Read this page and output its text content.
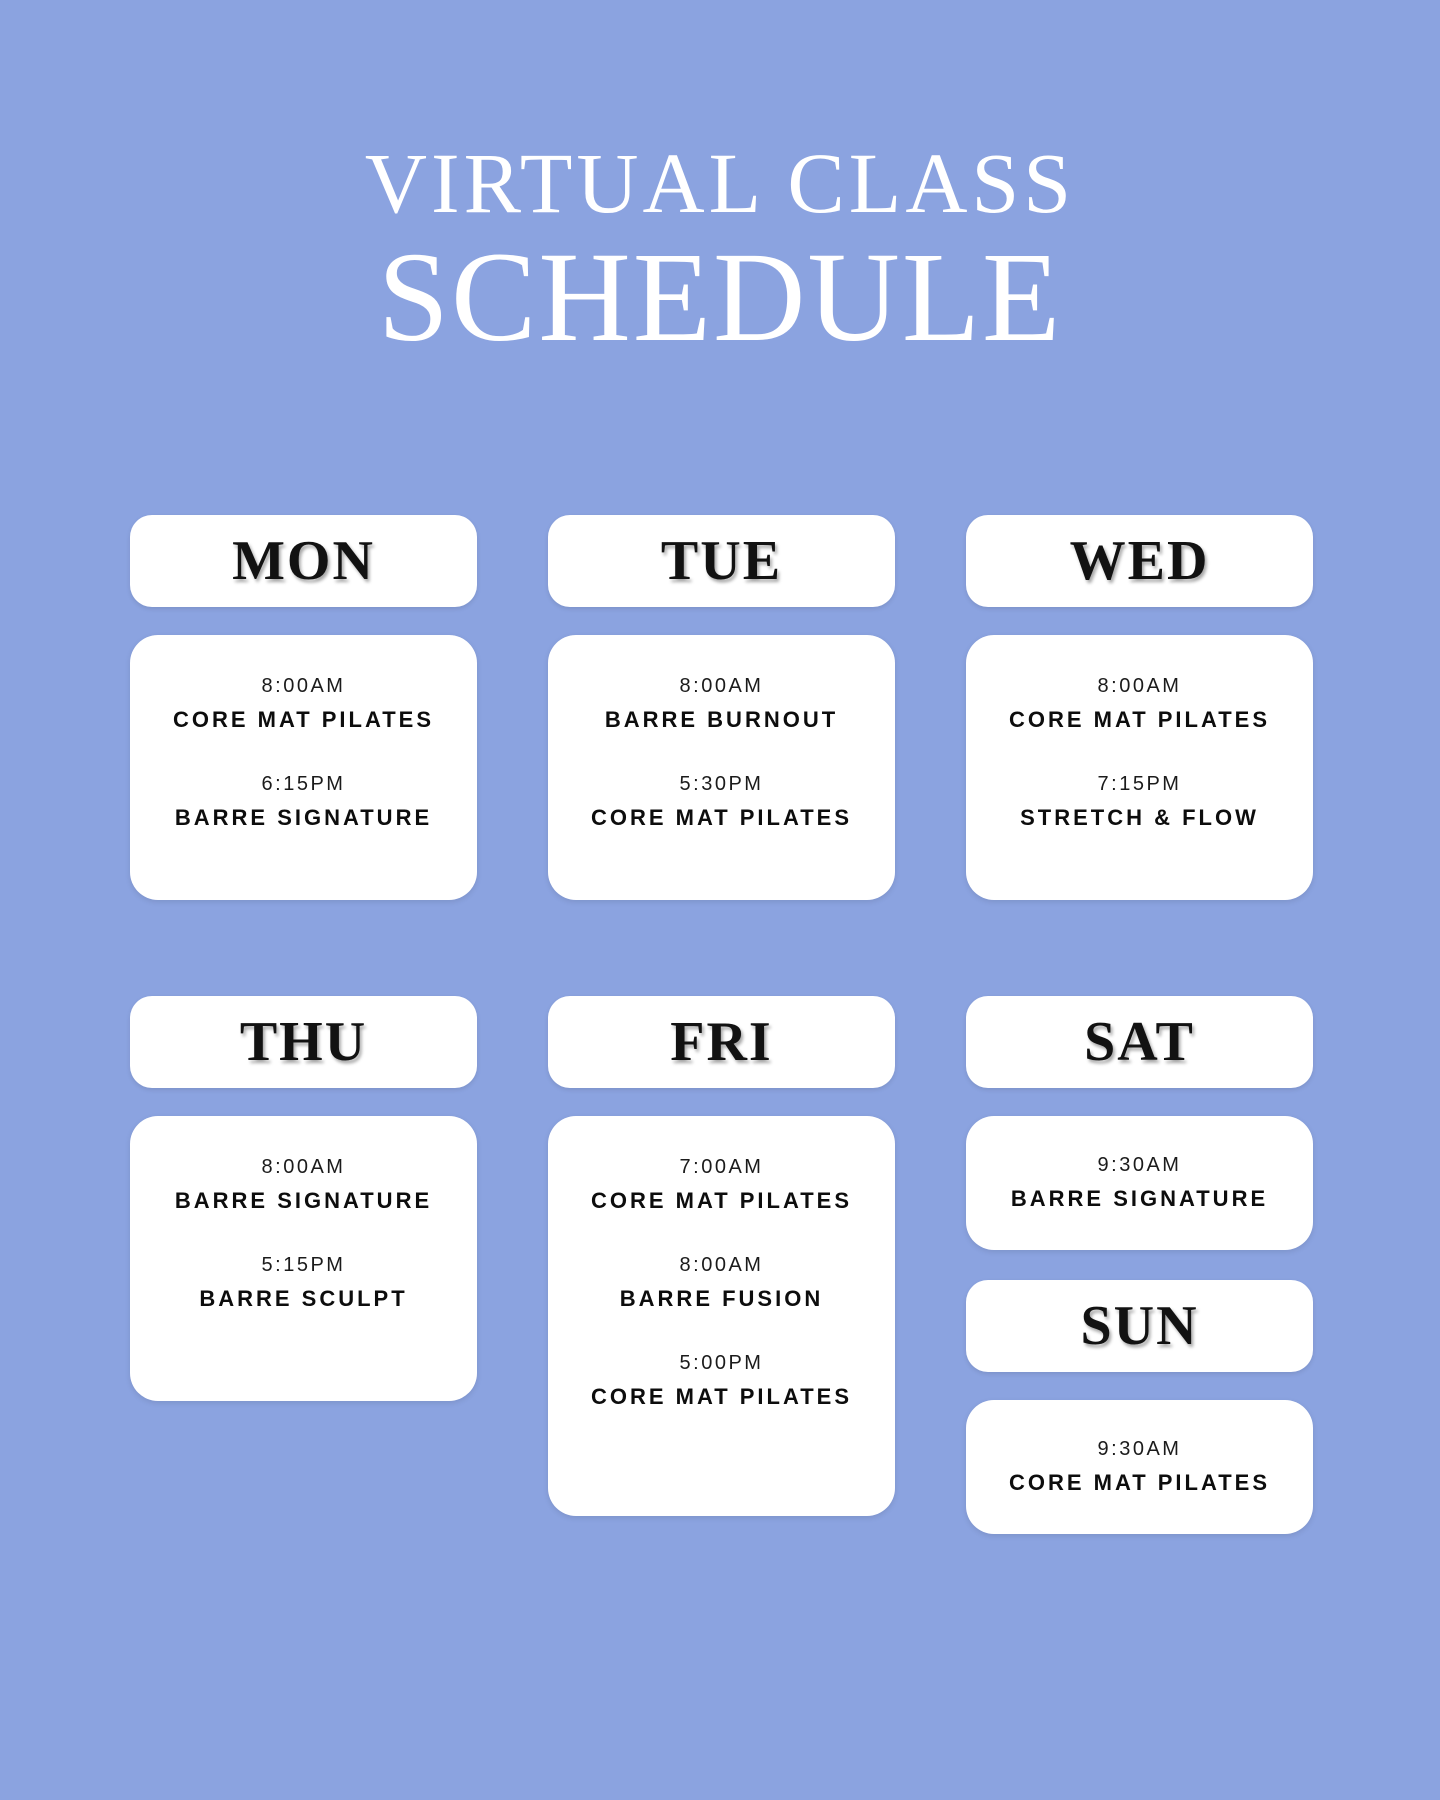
VIRTUAL CLASS
SCHEDULE
MON
8:00AM
CORE MAT PILATES
6:15PM
BARRE SIGNATURE
TUE
8:00AM
BARRE BURNOUT
5:30PM
CORE MAT PILATES
WED
8:00AM
CORE MAT PILATES
7:15PM
STRETCH & FLOW
THU
8:00AM
BARRE SIGNATURE
5:15PM
BARRE SCULPT
FRI
7:00AM
CORE MAT PILATES
8:00AM
BARRE FUSION
5:00PM
CORE MAT PILATES
SAT
9:30AM
BARRE SIGNATURE
SUN
9:30AM
CORE MAT PILATES
